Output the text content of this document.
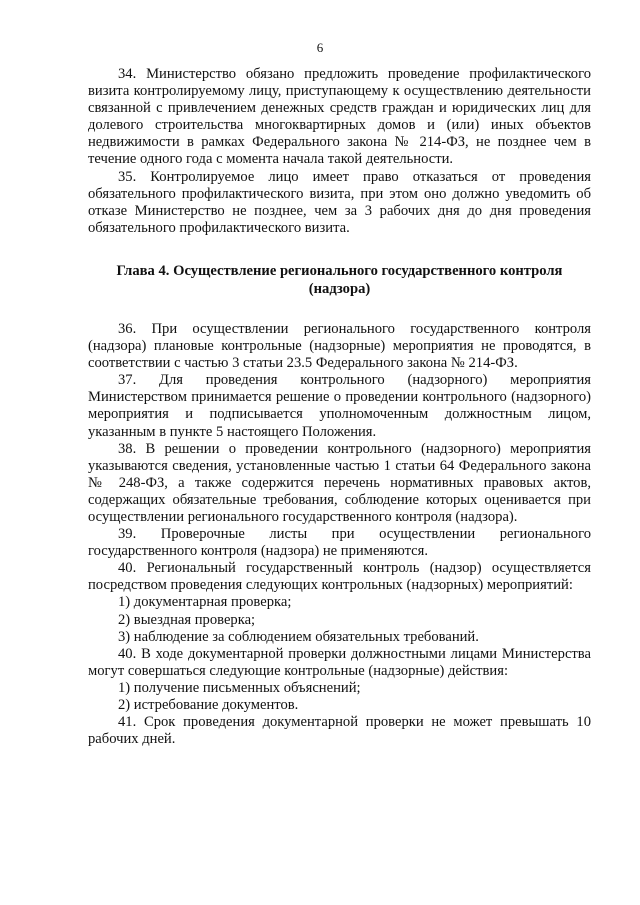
6

34. Министерство обязано предложить проведение профилактического визита контролируемому лицу, приступающему к осуществлению деятельности связанной с привлечением денежных средств граждан и юридических лиц для долевого строительства многоквартирных домов и (или) иных объектов недвижимости в рамках Федерального закона № 214-ФЗ, не позднее чем в течение одного года с момента начала такой деятельности.

35. Контролируемое лицо имеет право отказаться от проведения обязательного профилактического визита, при этом оно должно уведомить об отказе Министерство не позднее, чем за 3 рабочих дня до дня проведения обязательного профилактического визита.

Глава 4. Осуществление регионального государственного контроля (надзора)

36. При осуществлении регионального государственного контроля (надзора) плановые контрольные (надзорные) мероприятия не проводятся, в соответствии с частью 3 статьи 23.5 Федерального закона № 214-ФЗ.

37. Для проведения контрольного (надзорного) мероприятия Министерством принимается решение о проведении контрольного (надзорного) мероприятия и подписывается уполномоченным должностным лицом, указанным в пункте 5 настоящего Положения.

38. В решении о проведении контрольного (надзорного) мероприятия указываются сведения, установленные частью 1 статьи 64 Федерального закона № 248-ФЗ, а также содержится перечень нормативных правовых актов, содержащих обязательные требования, соблюдение которых оценивается при осуществлении регионального государственного контроля (надзора).

39. Проверочные листы при осуществлении регионального государственного контроля (надзора) не применяются.

40. Региональный государственный контроль (надзор) осуществляется посредством проведения следующих контрольных (надзорных) мероприятий:

1) документарная проверка;

2) выездная проверка;

3) наблюдение за соблюдением обязательных требований.

40. В ходе документарной проверки должностными лицами Министерства могут совершаться следующие контрольные (надзорные) действия:

1) получение письменных объяснений;

2) истребование документов.

41. Срок проведения документарной проверки не может превышать 10 рабочих дней.
